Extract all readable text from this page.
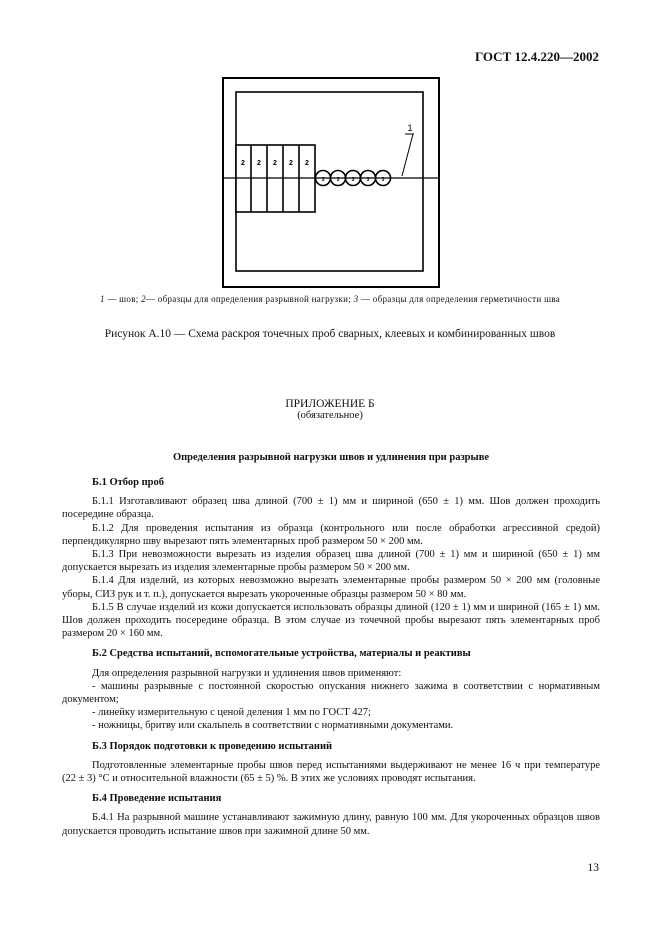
ГОСТ 12.4.220—2002
2 2 2 2 2
3 3 3 3 3
1
1 — шов; 2— образцы для определения разрывной нагрузки; 3 — образцы для определения герметичности шва
Рисунок А.10 — Схема раскроя точечных проб сварных, клеевых и комбинированных швов
ПРИЛОЖЕНИЕ Б
(обязательное)
Определения разрывной нагрузки швов и удлинения при разрыве
Б.1 Отбор проб

Б.1.1 Изготавливают образец шва длиной (700 ± 1) мм и шириной (650 ± 1) мм. Шов должен проходить посередине образца.

Б.1.2 Для проведения испытания из образца (контрольного или после обработки агрессивной средой) перпендикулярно шву вырезают пять элементарных проб размером 50 × 200 мм.

Б.1.3 При невозможности вырезать из изделия образец шва длиной (700 ± 1) мм и шириной (650 ± 1) мм допускается вырезать из изделия элементарные пробы размером 50 × 200 мм.

Б.1.4 Для изделий, из которых невозможно вырезать элементарные пробы размером 50 × 200 мм (головные уборы, СИЗ рук и т. п.), допускается вырезать укороченные образцы размером 50 × 80 мм.

Б.1.5 В случае изделий из кожи допускается использовать образцы длиной (120 ± 1) мм и шириной (165 ± 1) мм. Шов должен проходить посередине образца. В этом случае из точечной пробы вырезают пять элементарных проб размером 20 × 160 мм.

Б.2 Средства испытаний, вспомогательные устройства, материалы и реактивы

Для определения разрывной нагрузки и удлинения швов применяют:

- машины разрывные с постоянной скоростью опускания нижнего зажима в соответствии с нормативным документом;

- линейку измерительную с ценой деления 1 мм по ГОСТ 427;

- ножницы, бритву или скальпель в соответствии с нормативными документами.

Б.3 Порядок подготовки к проведению испытаний

Подготовленные элементарные пробы швов перед испытаниями выдерживают не менее 16 ч при температуре (22 ± 3) °С и относительной влажности (65 ± 5) %. В этих же условиях проводят испытания.

Б.4 Проведение испытания

Б.4.1 На разрывной машине устанавливают зажимную длину, равную 100 мм. Для укороченных образцов швов допускается проводить испытание швов при зажимной длине 50 мм.

13
